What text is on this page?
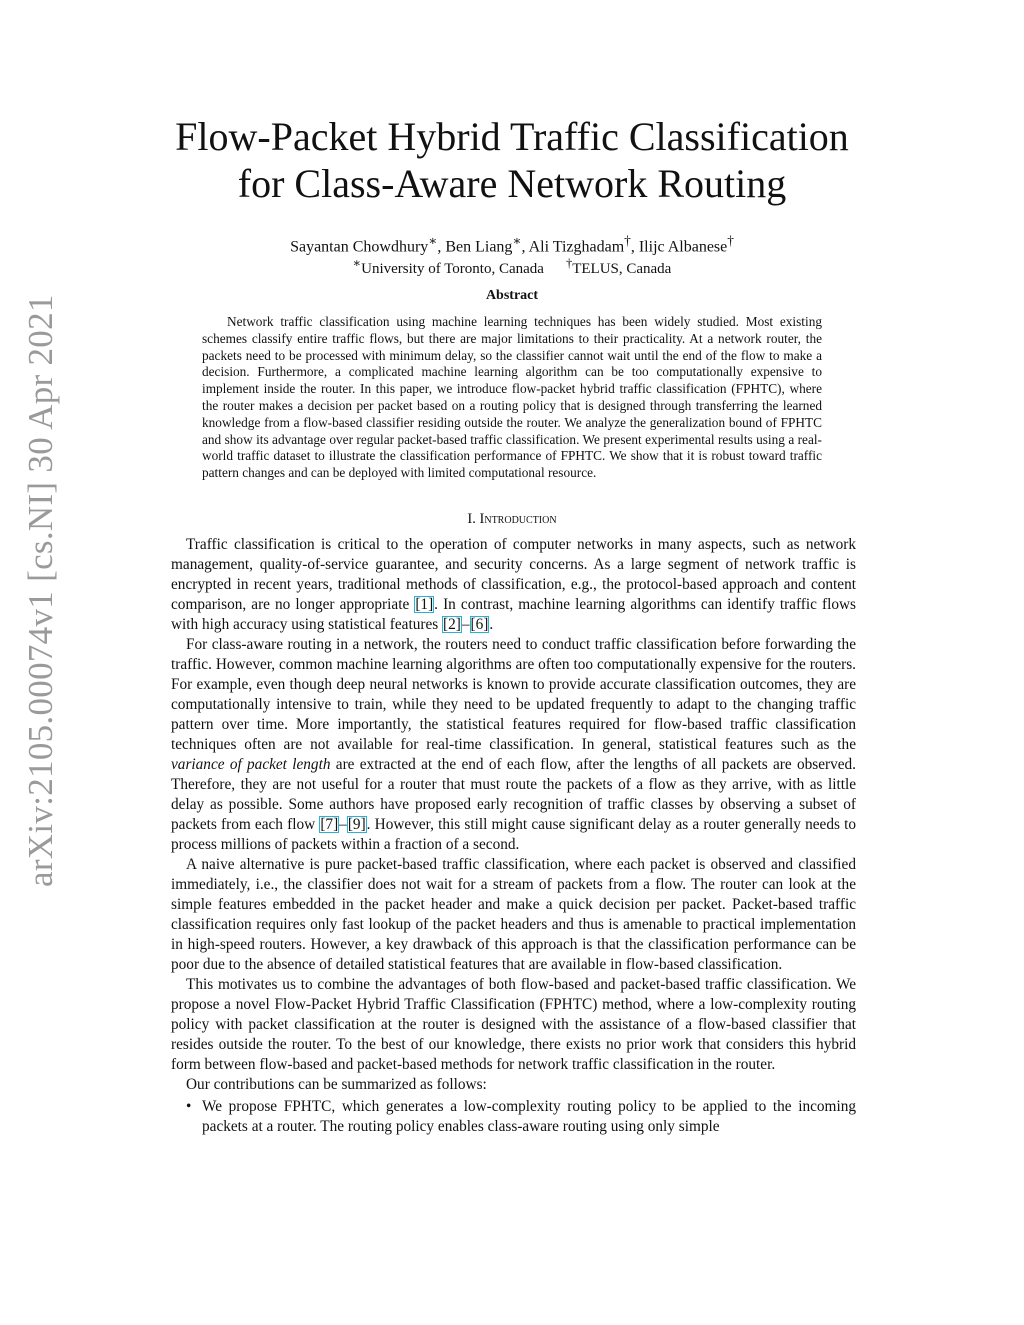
arXiv:2105.00074v1 [cs.NI] 30 Apr 2021
Flow-Packet Hybrid Traffic Classification
for Class-Aware Network Routing
Sayantan Chowdhury∗, Ben Liang∗, Ali Tizghadam†, Ilijc Albanese†
∗University of Toronto, Canada †TELUS, Canada
Abstract

Network traffic classification using machine learning techniques has been widely studied. Most existing schemes classify entire traffic flows, but there are major limitations to their practicality. At a network router, the packets need to be processed with minimum delay, so the classifier cannot wait until the end of the flow to make a decision. Furthermore, a complicated machine learning algorithm can be too computationally expensive to implement inside the router. In this paper, we introduce flow-packet hybrid traffic classification (FPHTC), where the router makes a decision per packet based on a routing policy that is designed through transferring the learned knowledge from a flow-based classifier residing outside the router. We analyze the generalization bound of FPHTC and show its advantage over regular packet-based traffic classification. We present experimental results using a real-world traffic dataset to illustrate the classification performance of FPHTC. We show that it is robust toward traffic pattern changes and can be deployed with limited computational resource.

I. Introduction

Traffic classification is critical to the operation of computer networks in many aspects, such as network management, quality-of-service guarantee, and security concerns. As a large segment of network traffic is encrypted in recent years, traditional methods of classification, e.g., the protocol-based approach and content comparison, are no longer appropriate [1]. In contrast, machine learning algorithms can identify traffic flows with high accuracy using statistical features [2]–[6].

For class-aware routing in a network, the routers need to conduct traffic classification before forwarding the traffic. However, common machine learning algorithms are often too computationally expensive for the routers. For example, even though deep neural networks is known to provide accurate classification outcomes, they are computationally intensive to train, while they need to be updated frequently to adapt to the changing traffic pattern over time. More importantly, the statistical features required for flow-based traffic classification techniques often are not available for real-time classification. In general, statistical features such as the variance of packet length are extracted at the end of each flow, after the lengths of all packets are observed. Therefore, they are not useful for a router that must route the packets of a flow as they arrive, with as little delay as possible. Some authors have proposed early recognition of traffic classes by observing a subset of packets from each flow [7]–[9]. However, this still might cause significant delay as a router generally needs to process millions of packets within a fraction of a second.

A naive alternative is pure packet-based traffic classification, where each packet is observed and classified immediately, i.e., the classifier does not wait for a stream of packets from a flow. The router can look at the simple features embedded in the packet header and make a quick decision per packet. Packet-based traffic classification requires only fast lookup of the packet headers and thus is amenable to practical implementation in high-speed routers. However, a key drawback of this approach is that the classification performance can be poor due to the absence of detailed statistical features that are available in flow-based classification.

This motivates us to combine the advantages of both flow-based and packet-based traffic classification. We propose a novel Flow-Packet Hybrid Traffic Classification (FPHTC) method, where a low-complexity routing policy with packet classification at the router is designed with the assistance of a flow-based classifier that resides outside the router. To the best of our knowledge, there exists no prior work that considers this hybrid form between flow-based and packet-based methods for network traffic classification in the router.

Our contributions can be summarized as follows:

• We propose FPHTC, which generates a low-complexity routing policy to be applied to the incoming packets at a router. The routing policy enables class-aware routing using only simple
